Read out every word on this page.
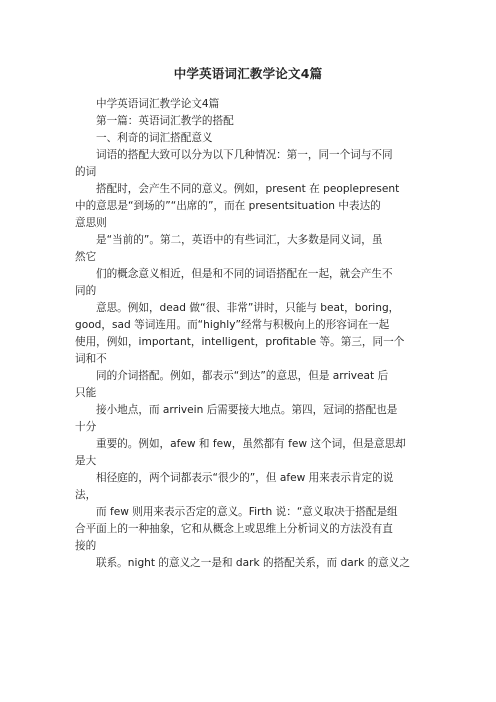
中学英语词汇教学论文4篇
中学英语词汇教学论文4篇
第一篇：英语词汇教学的搭配
一、利奇的词汇搭配意义
词语的搭配大致可以分为以下几种情况：第一，同一个词与不同
的词
搭配时，会产生不同的意义。例如，present 在 peoplepresent
中的意思是“到场的”“出席的”，而在 presentsituation 中表达的
意思则
是“当前的”。第二，英语中的有些词汇，大多数是同义词，虽
然它
们的概念意义相近，但是和不同的词语搭配在一起，就会产生不
同的
意思。例如，dead 做“很、非常”讲时，只能与 beat，boring，
good，sad 等词连用。而“highly”经常与积极向上的形容词在一起
使用，例如，important，intelligent，profitable 等。第三，同一个
词和不
同的介词搭配。例如，都表示“到达”的意思，但是 arriveat 后
只能
接小地点，而 arrivein 后需要接大地点。第四，冠词的搭配也是
十分
重要的。例如，afew 和 few，虽然都有 few 这个词，但是意思却
是大
相径庭的，两个词都表示“很少的”，但 afew 用来表示肯定的说
法，
而 few 则用来表示否定的意义。Firth 说：“意义取决于搭配是组
合平面上的一种抽象，它和从概念上或思维上分析词义的方法没有直
接的
联系。night 的意义之一是和 dark 的搭配关系，而 dark 的意义之
